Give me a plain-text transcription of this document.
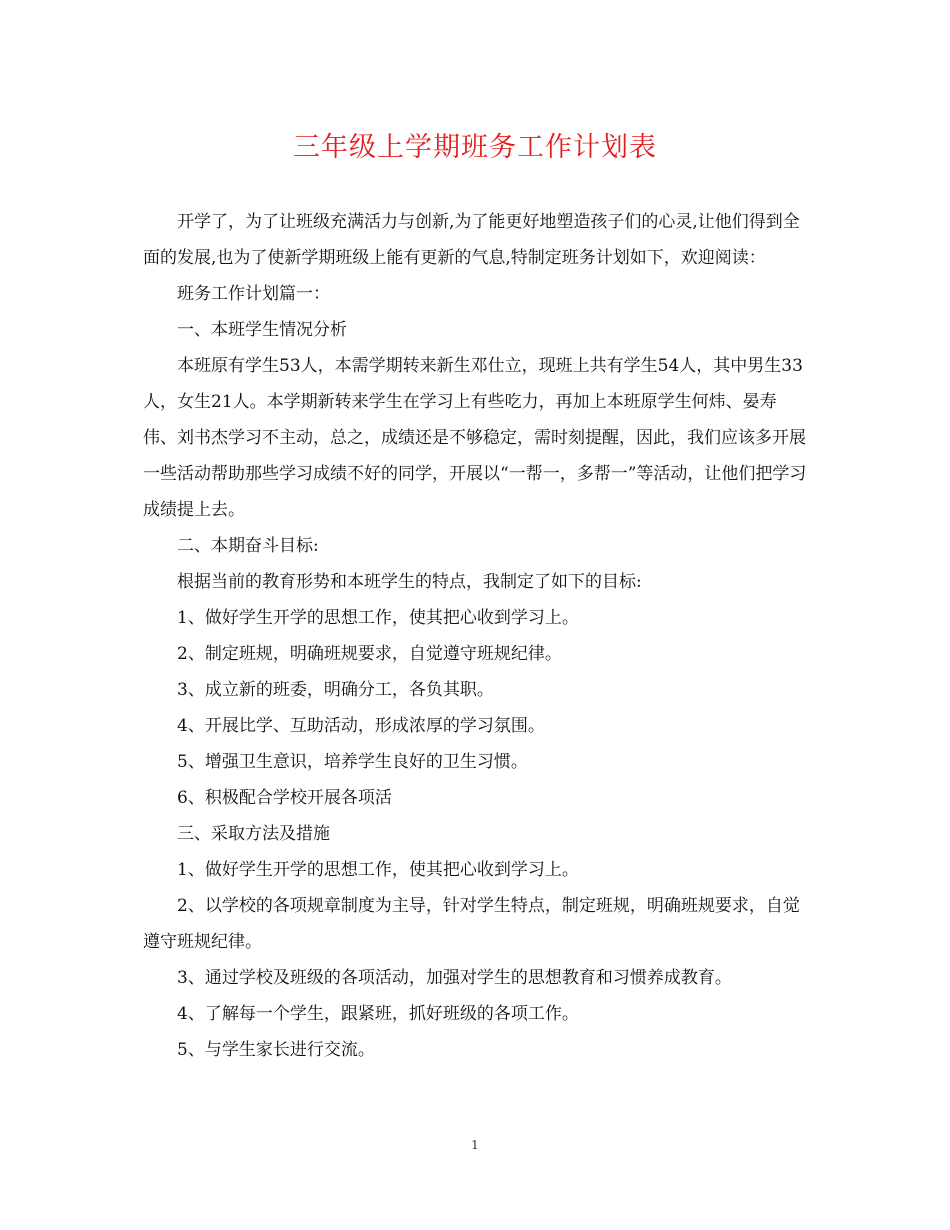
三年级上学期班务工作计划表

开学了，为了让班级充满活力与创新,为了能更好地塑造孩子们的心灵,让他们得到全面的发展,也为了使新学期班级上能有更新的气息,特制定班务计划如下，欢迎阅读：

班务工作计划篇一：

一、本班学生情况分析

本班原有学生53人，本需学期转来新生邓仕立，现班上共有学生54人，其中男生33人，女生21人。本学期新转来学生在学习上有些吃力，再加上本班原学生何炜、晏寿伟、刘书杰学习不主动，总之，成绩还是不够稳定，需时刻提醒，因此，我们应该多开展一些活动帮助那些学习成绩不好的同学，开展以“一帮一，多帮一”等活动，让他们把学习成绩提上去。

二、本期奋斗目标:

根据当前的教育形势和本班学生的特点，我制定了如下的目标:

1、做好学生开学的思想工作，使其把心收到学习上。

2、制定班规，明确班规要求，自觉遵守班规纪律。

3、成立新的班委，明确分工，各负其职。

4、开展比学、互助活动，形成浓厚的学习氛围。

5、增强卫生意识，培养学生良好的卫生习惯。

6、积极配合学校开展各项活

三、采取方法及措施

1、做好学生开学的思想工作，使其把心收到学习上。

2、以学校的各项规章制度为主导，针对学生特点，制定班规，明确班规要求，自觉遵守班规纪律。

3、通过学校及班级的各项活动，加强对学生的思想教育和习惯养成教育。

4、了解每一个学生，跟紧班，抓好班级的各项工作。

5、与学生家长进行交流。

1
